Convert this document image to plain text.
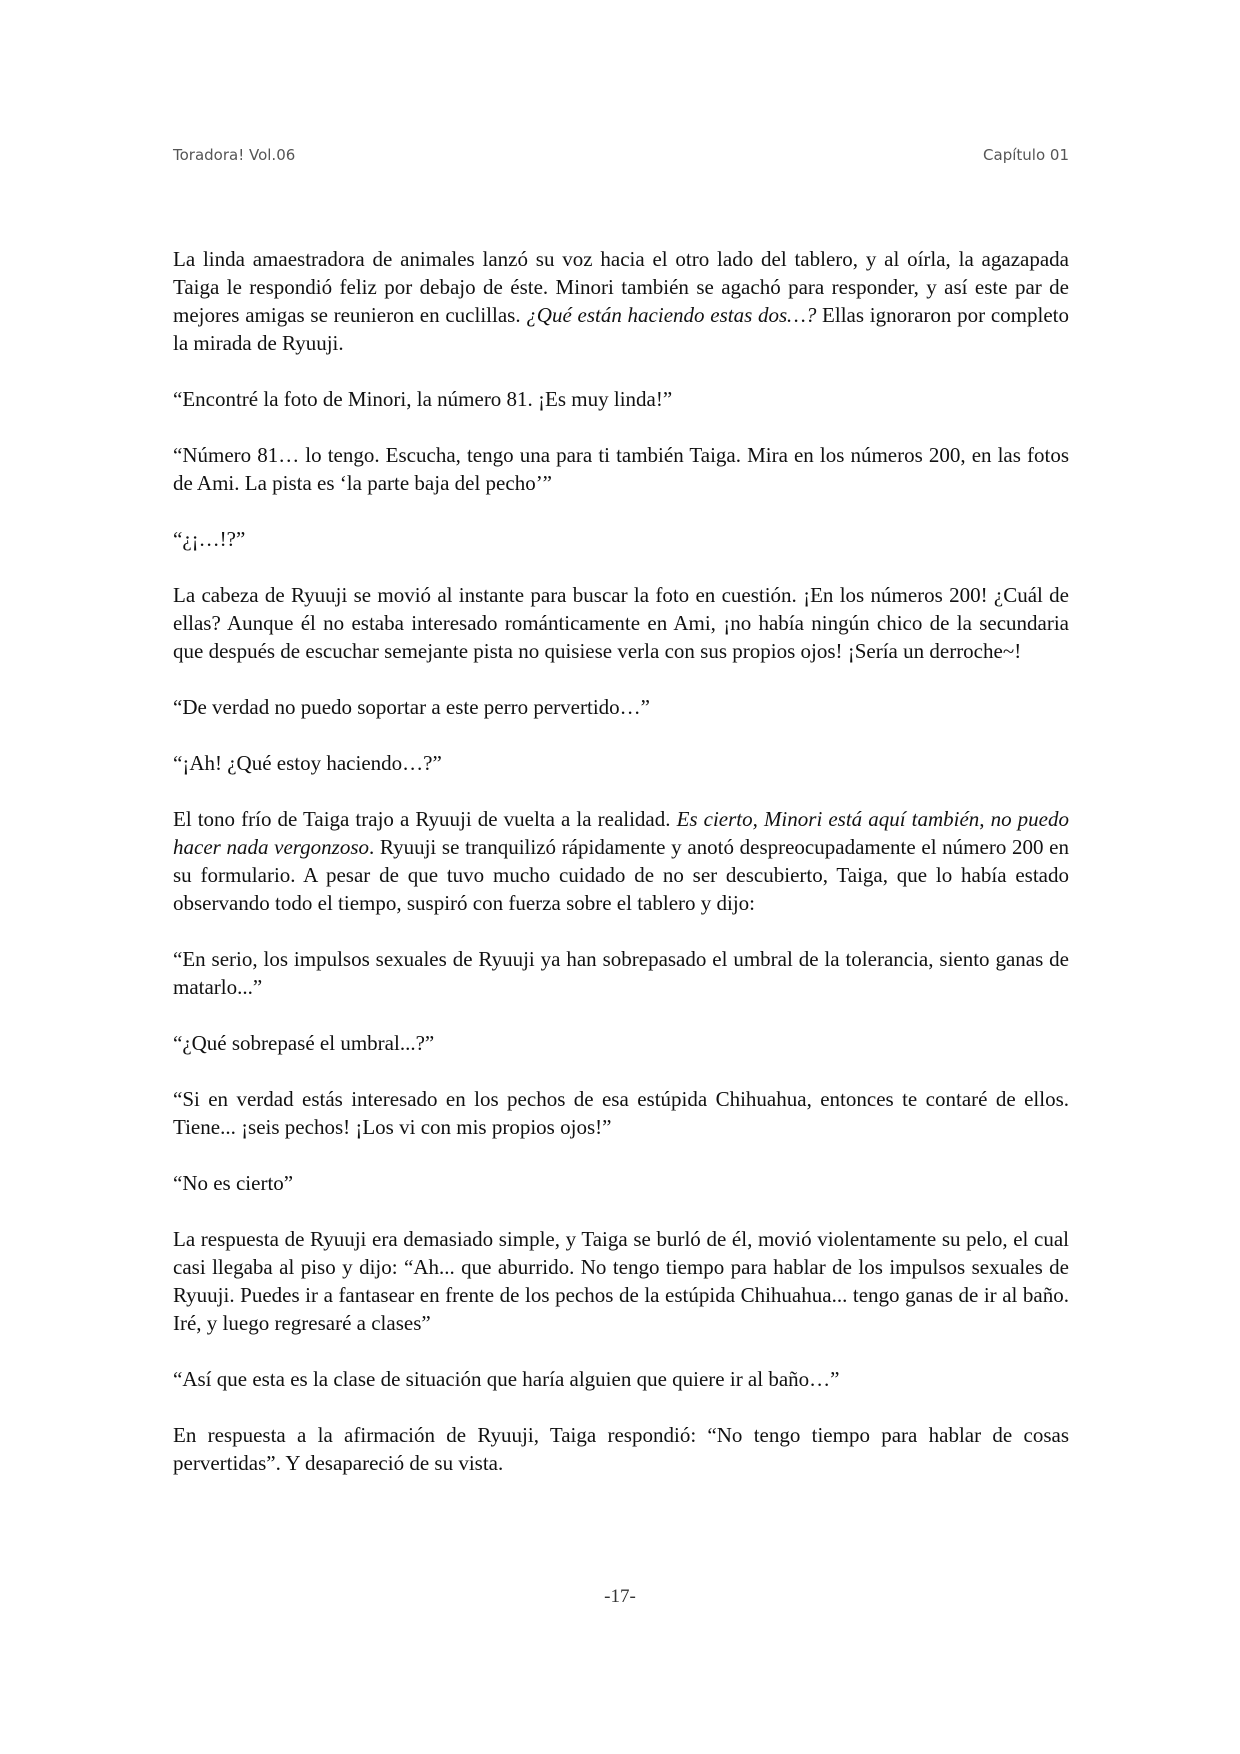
Toradora! Vol.06	Capítulo 01

La linda amaestradora de animales lanzó su voz hacia el otro lado del tablero, y al oírla, la agazapada Taiga le respondió feliz por debajo de éste. Minori también se agachó para responder, y así este par de mejores amigas se reunieron en cuclillas. ¿Qué están haciendo estas dos…? Ellas ignoraron por completo la mirada de Ryuuji.

“Encontré la foto de Minori, la número 81. ¡Es muy linda!”

“Número 81… lo tengo. Escucha, tengo una para ti también Taiga. Mira en los números 200, en las fotos de Ami. La pista es ‘la parte baja del pecho’”

“¿¡…!?”

La cabeza de Ryuuji se movió al instante para buscar la foto en cuestión. ¡En los números 200! ¿Cuál de ellas? Aunque él no estaba interesado románticamente en Ami, ¡no había ningún chico de la secundaria que después de escuchar semejante pista no quisiese verla con sus propios ojos! ¡Sería un derroche~!

“De verdad no puedo soportar a este perro pervertido…”

“¡Ah! ¿Qué estoy haciendo…?”

El tono frío de Taiga trajo a Ryuuji de vuelta a la realidad. Es cierto, Minori está aquí también, no puedo hacer nada vergonzoso. Ryuuji se tranquilizó rápidamente y anotó despreocupadamente el número 200 en su formulario. A pesar de que tuvo mucho cuidado de no ser descubierto, Taiga, que lo había estado observando todo el tiempo, suspiró con fuerza sobre el tablero y dijo:

“En serio, los impulsos sexuales de Ryuuji ya han sobrepasado el umbral de la tolerancia, siento ganas de matarlo...”

“¿Qué sobrepasé el umbral...?”

“Si en verdad estás interesado en los pechos de esa estúpida Chihuahua, entonces te contaré de ellos. Tiene... ¡seis pechos! ¡Los vi con mis propios ojos!”

“No es cierto”

La respuesta de Ryuuji era demasiado simple, y Taiga se burló de él, movió violentamente su pelo, el cual casi llegaba al piso y dijo: “Ah... que aburrido. No tengo tiempo para hablar de los impulsos sexuales de Ryuuji. Puedes ir a fantasear en frente de los pechos de la estúpida Chihuahua... tengo ganas de ir al baño. Iré, y luego regresaré a clases”

“Así que esta es la clase de situación que haría alguien que quiere ir al baño…”

En respuesta a la afirmación de Ryuuji, Taiga respondió: “No tengo tiempo para hablar de cosas pervertidas”. Y desapareció de su vista.

-17-
